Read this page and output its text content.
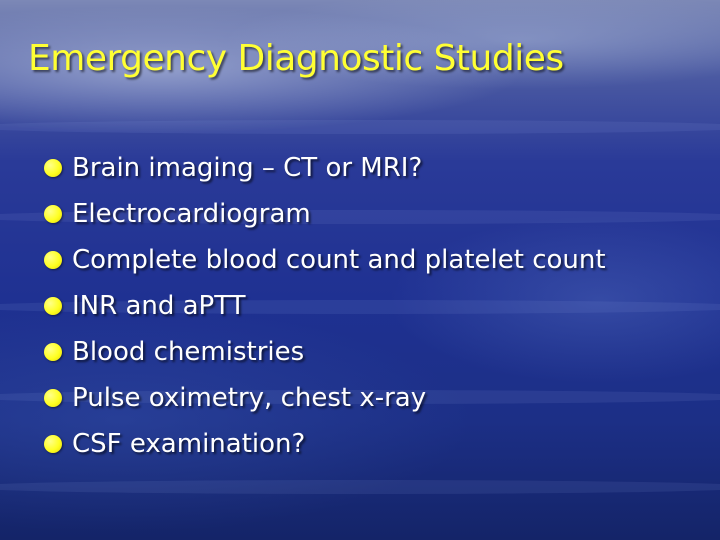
Emergency Diagnostic Studies
Brain imaging – CT or MRI?
Electrocardiogram
Complete blood count and platelet count
INR and aPTT
Blood chemistries
Pulse oximetry, chest x-ray
CSF examination?
